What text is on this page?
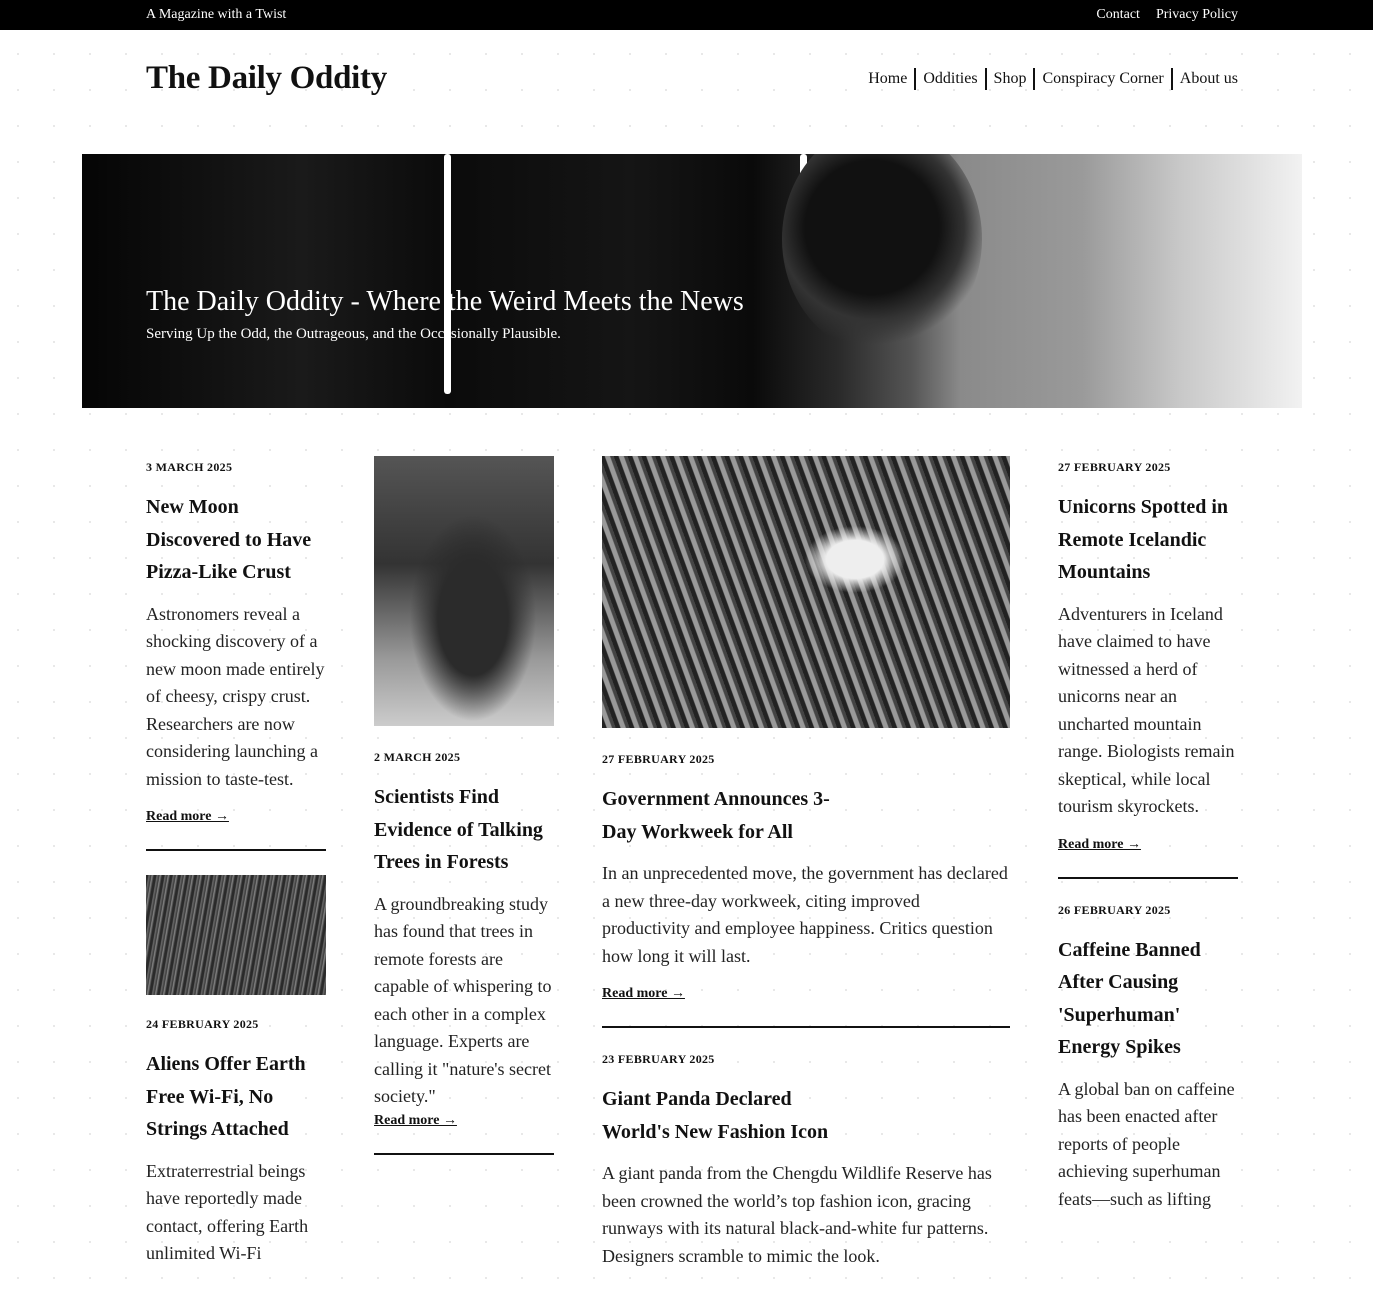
A Magazine with a Twist	Contact Privacy Policy
The Daily Oddity	Home	Oddities	Shop	Conspiracy Corner	About us
The Daily Oddity - Where the Weird Meets the News

Serving Up the Odd, the Outrageous, and the Occasionally Plausible.

3 MARCH 2025
New Moon Discovered to Have Pizza-Like Crust

Astronomers reveal a shocking discovery of a new moon made entirely of cheesy, crispy crust. Researchers are now considering launching a mission to taste-test.

Read more →
24 FEBRUARY 2025
Aliens Offer Earth Free Wi-Fi, No Strings Attached

Extraterrestrial beings have reportedly made contact, offering Earth unlimited Wi-Fi

2 MARCH 2025
Scientists Find Evidence of Talking Trees in Forests

A groundbreaking study has found that trees in remote forests are capable of whispering to each other in a complex language. Experts are calling it "nature's secret society."

Read more →
27 FEBRUARY 2025
Government Announces 3-Day Workweek for All

In an unprecedented move, the government has declared a new three-day workweek, citing improved productivity and employee happiness. Critics question how long it will last.

Read more →
23 FEBRUARY 2025
Giant Panda Declared World's New Fashion Icon

A giant panda from the Chengdu Wildlife Reserve has been crowned the world’s top fashion icon, gracing runways with its natural black-and-white fur patterns. Designers scramble to mimic the look.

27 FEBRUARY 2025
Unicorns Spotted in Remote Icelandic Mountains

Adventurers in Iceland have claimed to have witnessed a herd of unicorns near an uncharted mountain range. Biologists remain skeptical, while local tourism skyrockets.

Read more →
26 FEBRUARY 2025
Caffeine Banned After Causing 'Superhuman' Energy Spikes

A global ban on caffeine has been enacted after reports of people achieving superhuman feats—such as lifting
